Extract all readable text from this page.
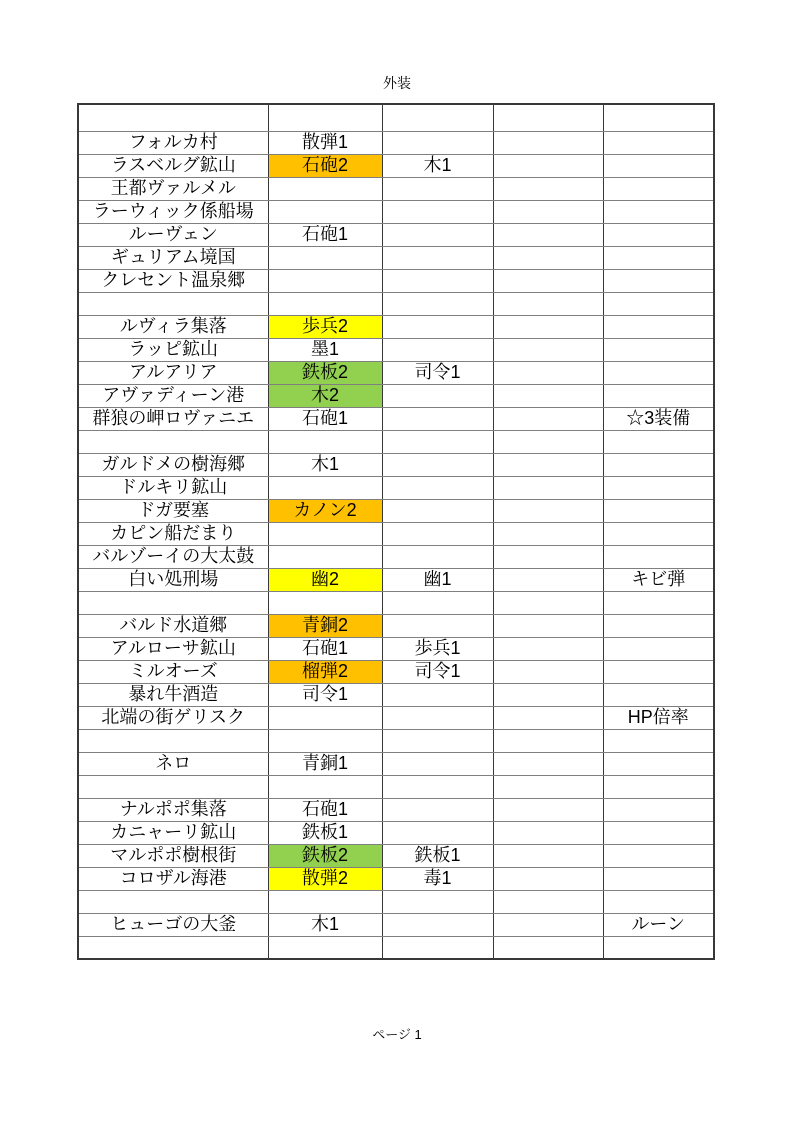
外装

フォルカ村	散弾1			
ラスベルグ鉱山	石砲2	木1		
王都ヴァルメル				
ラーウィック係船場				
ルーヴェン	石砲1			
ギュリアム境国				
クレセント温泉郷				

ルヴィラ集落	歩兵2			
ラッピ鉱山	墨1			
アルアリア	鉄板2	司令1		
アヴァディーン港	木2			
群狼の岬ロヴァニエ	石砲1			☆3装備

ガルドメの樹海郷	木1			
ドルキリ鉱山				
ドガ要塞	カノン2			
カピン船だまり				
バルゾーイの大太鼓				
白い処刑場	幽2	幽1		キビ弾

バルド水道郷	青銅2			
アルローサ鉱山	石砲1	歩兵1		
ミルオーズ	榴弾2	司令1		
暴れ牛酒造	司令1			
北端の街ゲリスク				HP倍率

ネロ	青銅1			

ナルポポ集落	石砲1			
カニャーリ鉱山	鉄板1			
マルポポ樹根街	鉄板2	鉄板1		
コロザル海港	散弾2	毒1		

ヒューゴの大釜	木1			ルーン

ページ 1
